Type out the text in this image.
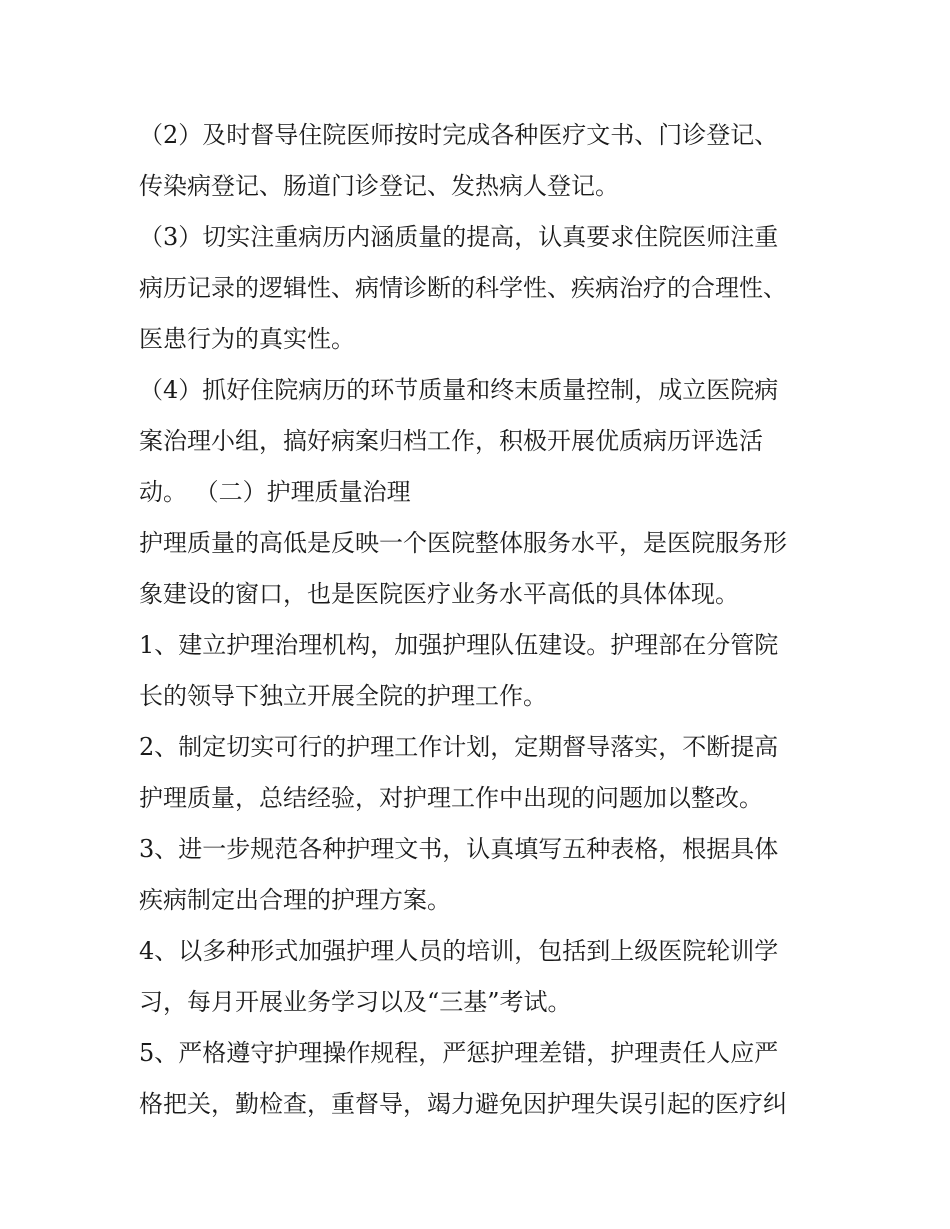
（2）及时督导住院医师按时完成各种医疗文书、门诊登记、
传染病登记、肠道门诊登记、发热病人登记。
（3）切实注重病历内涵质量的提高，认真要求住院医师注重
病历记录的逻辑性、病情诊断的科学性、疾病治疗的合理性、
医患行为的真实性。
（4）抓好住院病历的环节质量和终末质量控制，成立医院病
案治理小组，搞好病案归档工作，积极开展优质病历评选活
动。 （二）护理质量治理
护理质量的高低是反映一个医院整体服务水平，是医院服务形
象建设的窗口，也是医院医疗业务水平高低的具体体现。
1、建立护理治理机构，加强护理队伍建设。护理部在分管院
长的领导下独立开展全院的护理工作。
2、制定切实可行的护理工作计划，定期督导落实，不断提高
护理质量，总结经验，对护理工作中出现的问题加以整改。
3、进一步规范各种护理文书，认真填写五种表格，根据具体
疾病制定出合理的护理方案。
4、以多种形式加强护理人员的培训，包括到上级医院轮训学
习，每月开展业务学习以及“三基”考试。
5、严格遵守护理操作规程，严惩护理差错，护理责任人应严
格把关，勤检查，重督导，竭力避免因护理失误引起的医疗纠
